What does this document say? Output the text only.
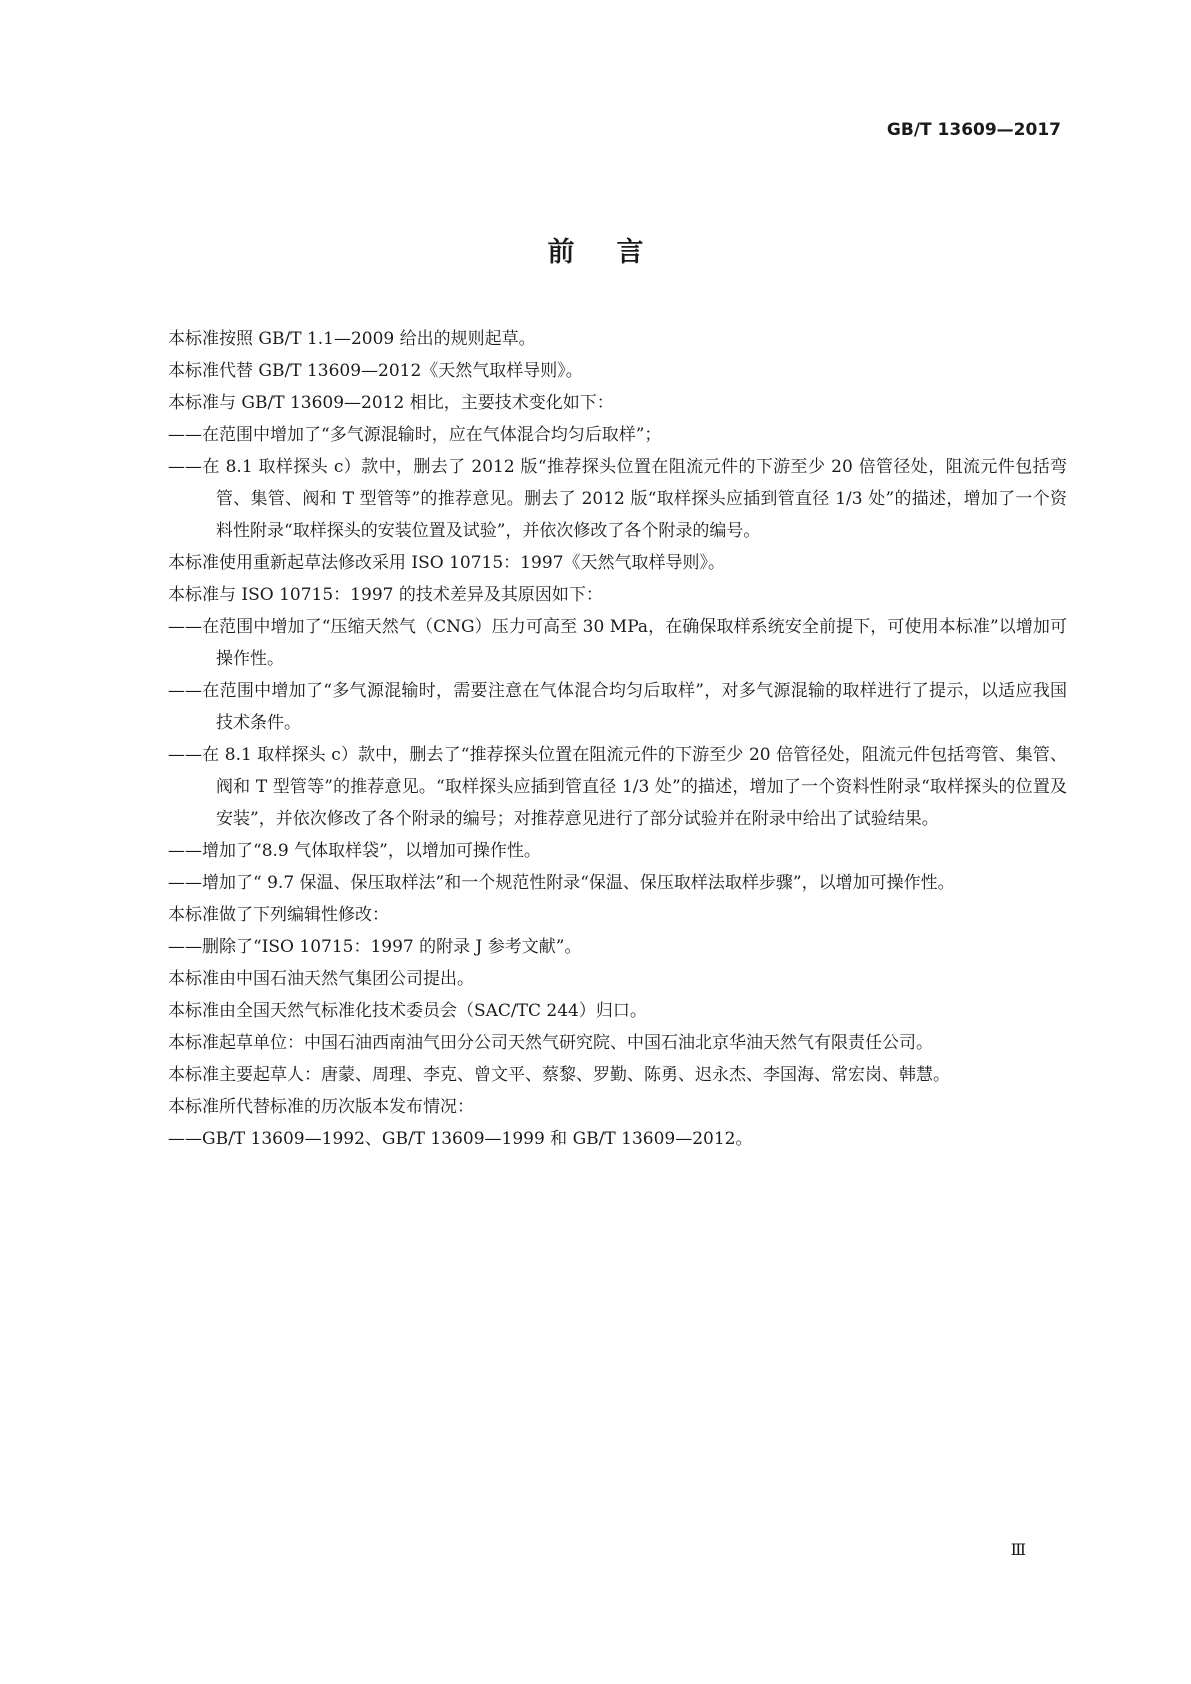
GB/T 13609—2017
前言

本标准按照 GB/T 1.1—2009 给出的规则起草。

本标准代替 GB/T 13609—2012《天然气取样导则》。

本标准与 GB/T 13609—2012 相比，主要技术变化如下：

——在范围中增加了“多气源混输时，应在气体混合均匀后取样”；

——在 8.1 取样探头 c）款中，删去了 2012 版“推荐探头位置在阻流元件的下游至少 20 倍管径处，阻流元件包括弯管、集管、阀和 T 型管等”的推荐意见。删去了 2012 版“取样探头应插到管直径 1/3 处”的描述，增加了一个资料性附录“取样探头的安装位置及试验”，并依次修改了各个附录的编号。

本标准使用重新起草法修改采用 ISO 10715：1997《天然气取样导则》。

本标准与 ISO 10715：1997 的技术差异及其原因如下：

——在范围中增加了“压缩天然气（CNG）压力可高至 30 MPa，在确保取样系统安全前提下，可使用本标准”以增加可操作性。

——在范围中增加了“多气源混输时，需要注意在气体混合均匀后取样”，对多气源混输的取样进行了提示，以适应我国技术条件。

——在 8.1 取样探头 c）款中，删去了“推荐探头位置在阻流元件的下游至少 20 倍管径处，阻流元件包括弯管、集管、阀和 T 型管等”的推荐意见。“取样探头应插到管直径 1/3 处”的描述，增加了一个资料性附录“取样探头的位置及安装”，并依次修改了各个附录的编号；对推荐意见进行了部分试验并在附录中给出了试验结果。

——增加了“8.9 气体取样袋”，以增加可操作性。

——增加了“ 9.7 保温、保压取样法”和一个规范性附录“保温、保压取样法取样步骤”，以增加可操作性。

本标准做了下列编辑性修改：

——删除了“ISO 10715：1997 的附录 J 参考文献”。

本标准由中国石油天然气集团公司提出。

本标准由全国天然气标准化技术委员会（SAC/TC 244）归口。

本标准起草单位：中国石油西南油气田分公司天然气研究院、中国石油北京华油天然气有限责任公司。

本标准主要起草人：唐蒙、周理、李克、曾文平、蔡黎、罗勤、陈勇、迟永杰、李国海、常宏岗、韩慧。

本标准所代替标准的历次版本发布情况：

——GB/T 13609—1992、GB/T 13609—1999 和 GB/T 13609—2012。

Ⅲ
